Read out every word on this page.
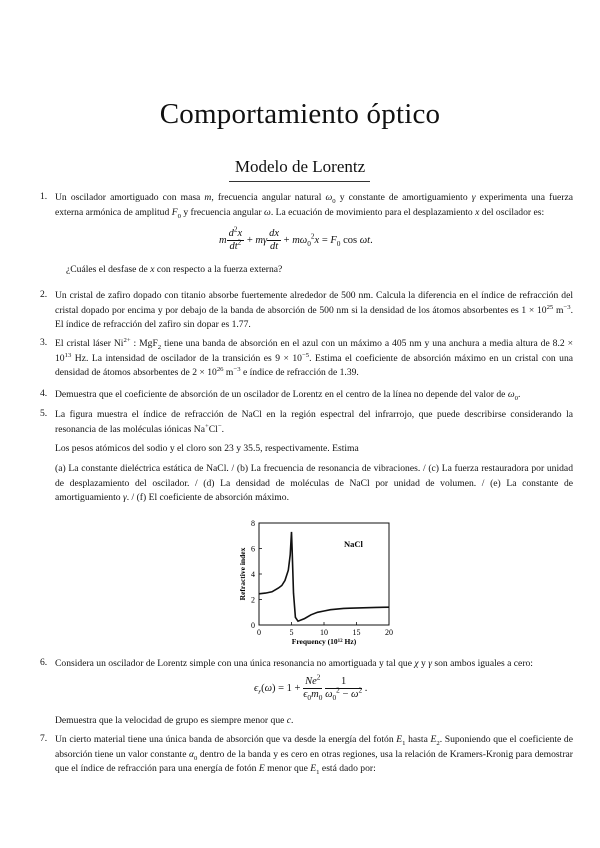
Comportamiento óptico
Modelo de Lorentz
1. Un oscilador amortiguado con masa m, frecuencia angular natural $\omega_0$ y constante de amortiguamiento γ experimenta una fuerza externa armónica de amplitud $F_0$ y frecuencia angular ω. La ecuación de movimiento para el desplazamiento x del oscilador es:
m $\frac{d^2x}{dt^2} + m\gamma \frac{dx}{dt} + m\omega_0^2x = F_0$ cos ωt.
¿Cuáles el desfase de x con respecto a la fuerza externa?
2. Un cristal de zafiro dopado con titanio absorbe fuertemente alrededor de 500 nm. Calcula la diferencia en el índice de refracción del cristal dopado por encima y por debajo de la banda de absorción de 500 nm si la densidad de los átomos absorbentes es $1 \times 10^{25}$ $m^{-3}$. El índice de refracción del zafiro sin dopar es 1.77.
3. El cristal láser $Ni^{2+}$ : MgF$_2$ tiene una banda de absorción en el azul con un máximo a 405 nm y una anchura a media altura de $8.2 \times 10^{13}$ Hz. La intensidad de oscilador de la transición es $9 \times 10^{-5}$. Estima el coeficiente de absorción máximo en un cristal con una densidad de átomos absorbentes de $2 \times 10^{26}$ $m^{-3}$ e índice de refracción de 1.39.
4. Demuestra que el coeficiente de absorción de un oscilador de Lorentz en el centro de la línea no depende del valor de $\omega_0$.
5. La figura muestra el índice de refracción de NaCl en la región espectral del infrarrojo, que puede describirse considerando la resonancia de las moléculas iónicas Na+Cl−.
Los pesos atómicos del sodio y el cloro son 23 y 35.5, respectivamente. Estima
(a) La constante dieléctrica estática de NaCl. / (b) La frecuencia de resonancia de vibraciones. / (c) La fuerza restauradora por unidad de desplazamiento del oscilador. / (d) La densidad de moléculas de NaCl por unidad de volumen. / (e) La constante de amortiguamiento γ. / (f) El coeficiente de absorción máximo.
0	5	10	15	20
0
2
4
6
8
NaCl
Frequency ($10^{12}$ Hz)
Refractive index
6. Considera un oscilador de Lorentz simple con una única resonancia no amortiguada y tal que χ y γ son ambos iguales a cero:
$\epsilon_r(\omega) = 1 + \frac{Ne^2}{\epsilon_0m_0}$
$\frac{1}{\omega_0^2 - \omega^2}$ .
Demuestra que la velocidad de grupo es siempre menor que c.
7. Un cierto material tiene una única banda de absorción que va desde la energía del fotón $E_1$ hasta $E_2$. Suponiendo que el coeficiente de absorción tiene un valor constante $\alpha_0$ dentro de la banda y es cero en otras regiones, usa la relación de Kramers-Kronig para demostrar que el índice de refracción para una energía de fotón E menor que $E_1$ está dado por:
